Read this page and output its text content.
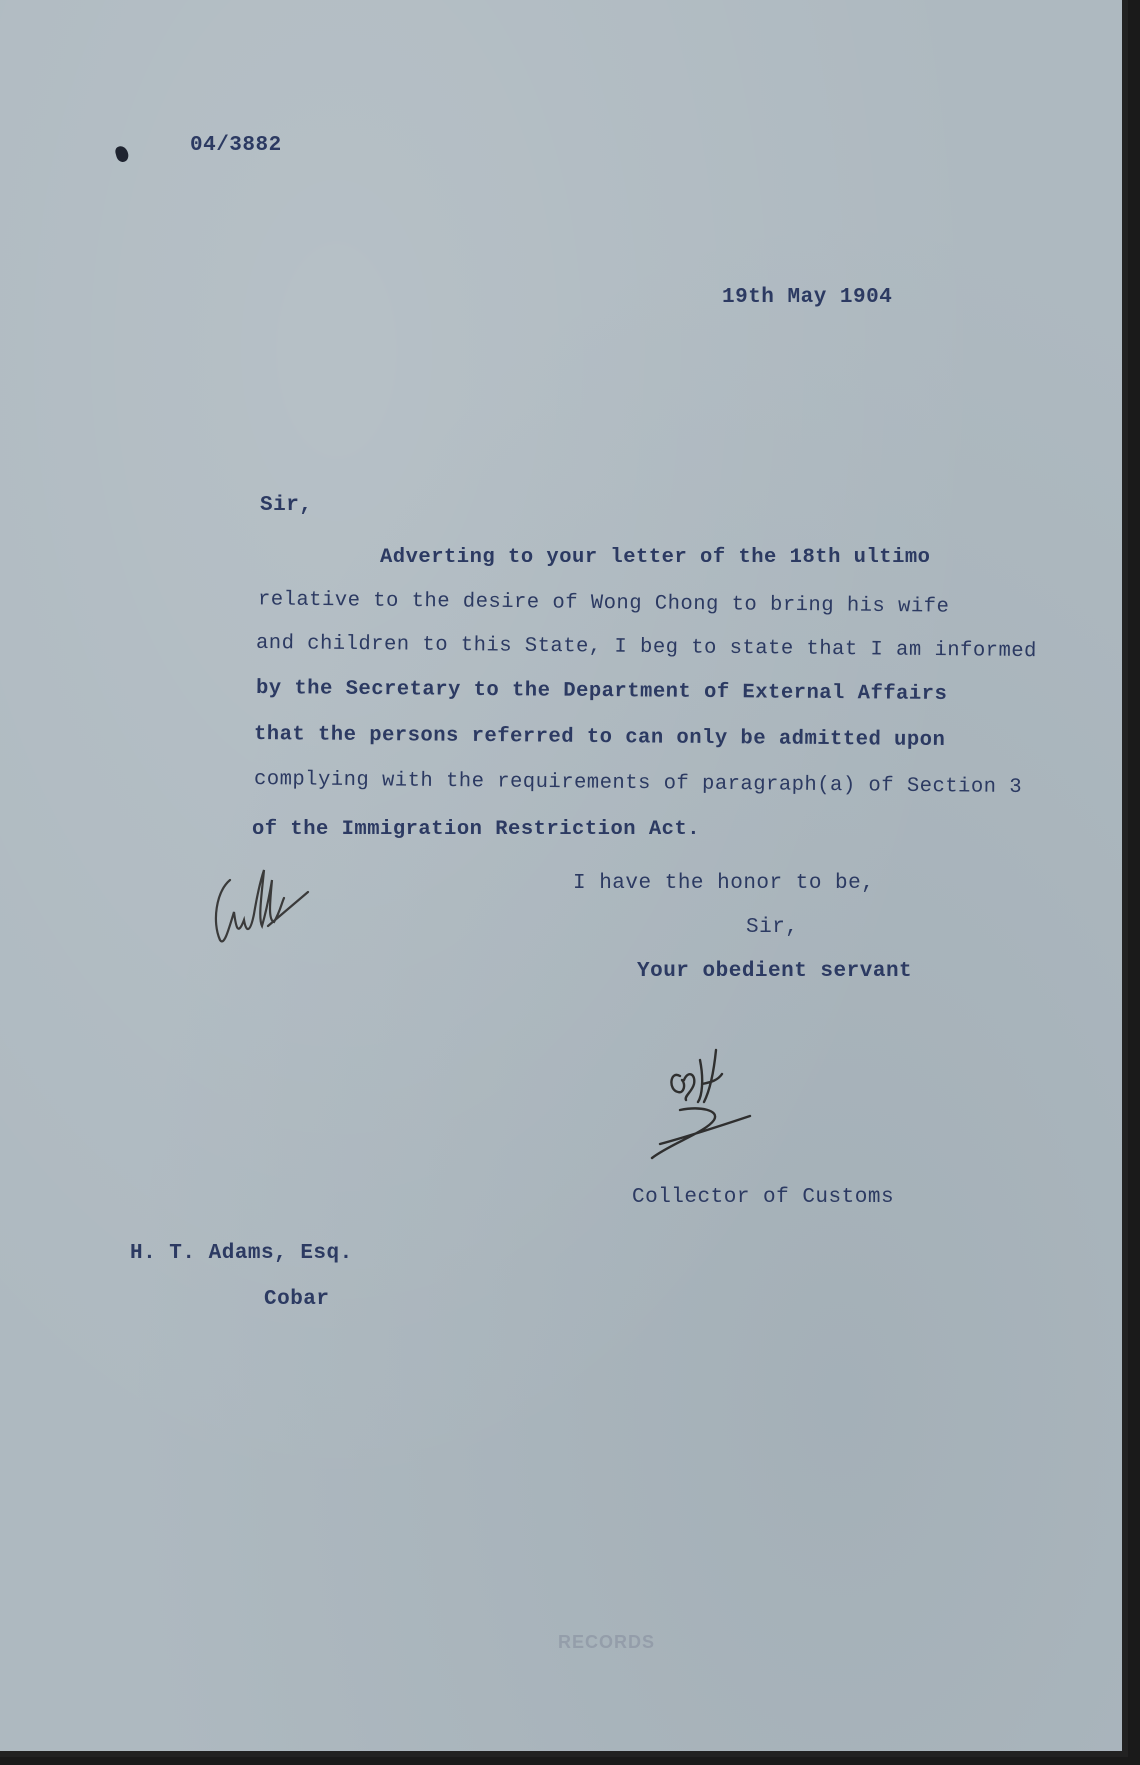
04/3882
19th May 1904
Sir,
Adverting to your letter of the 18th ultimo
relative to the desire of Wong Chong to bring his wife
and children to this State, I beg to state that I am informed
by the Secretary to the Department of External Affairs
that the persons referred to can only be admitted upon
complying with the requirements of paragraph(a) of Section 3
of the Immigration Restriction Act.
I have the honor to be,
Sir,
Your obedient servant
Collector of Customs
H. T. Adams, Esq.
Cobar
RECORDS
